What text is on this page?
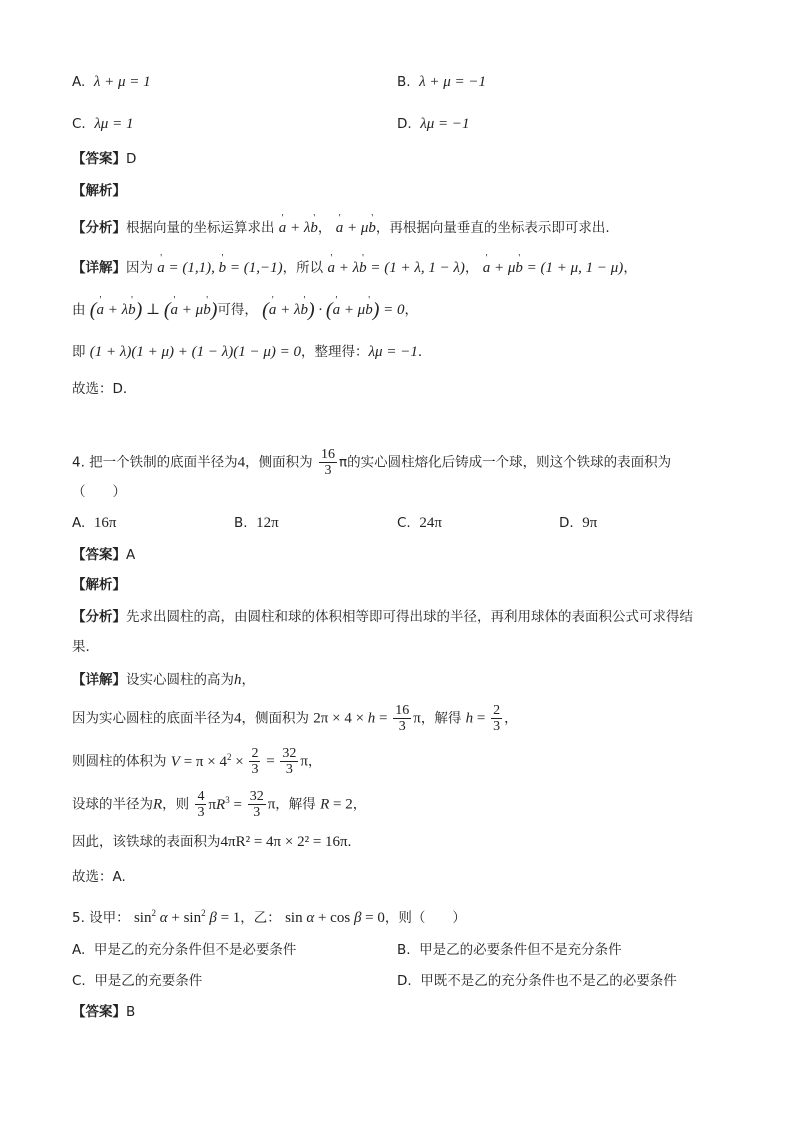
A. λ + μ = 1	B. λ + μ = −1
C. λμ = 1	D. λμ = −1
【答案】D
【解析】
【分析】根据向量的坐标运算求出 ' a + λ' b， ' a + μ' b，再根据向量垂直的坐标表示即可求出.
【详解】因为 ' a = (1,1), ' b = (1,−1)，所以 ' a + λ' b = (1 + λ, 1 − λ)， ' a + μ' b = (1 + μ, 1 − μ)，
由 (' a + λ' b) ⊥ (' a + μ' b)可得， (' a + λ' b) · (' a + μ' b) = 0，
即 (1 + λ)(1 + μ) + (1 − λ)(1 − μ) = 0，整理得：λμ = −1．
故选：D．
4. 把一个铁制的底面半径为4，侧面积为 $\frac{16}{3}$ π的实心圆柱熔化后铸成一个球，则这个铁球的表面积为
（　　）
A. 16π	B. 12π	C. 24π	D. 9π
【答案】A
【解析】
【分析】先求出圆柱的高，由圆柱和球的体积相等即可得出球的半径，再利用球体的表面积公式可求得结
果.
【详解】设实心圆柱的高为h，
因为实心圆柱的底面半径为4，侧面积为 $2\pi \times 4 \times h = \frac{16}{3}$ π，解得 $h = \frac{2}{3}$ ，
则圆柱的体积为 $V = \pi \times 4^2 \times \frac{2}{3} = \frac{32}{3}$ π，
设球的半径为R，则 $\frac{4}{3} \pi R^3 = \frac{32}{3}$ π，解得 R = 2，
因此，该铁球的表面积为4πR² = 4π × 2² = 16π.
故选：A.
5. 设甲： $\sin^2 \alpha + \sin^2 \beta = 1$，乙： sin α + cos β = 0，则（　　）
A. 甲是乙的充分条件但不是必要条件	B. 甲是乙的必要条件但不是充分条件
C. 甲是乙的充要条件	D. 甲既不是乙的充分条件也不是乙的必要条件
【答案】B
